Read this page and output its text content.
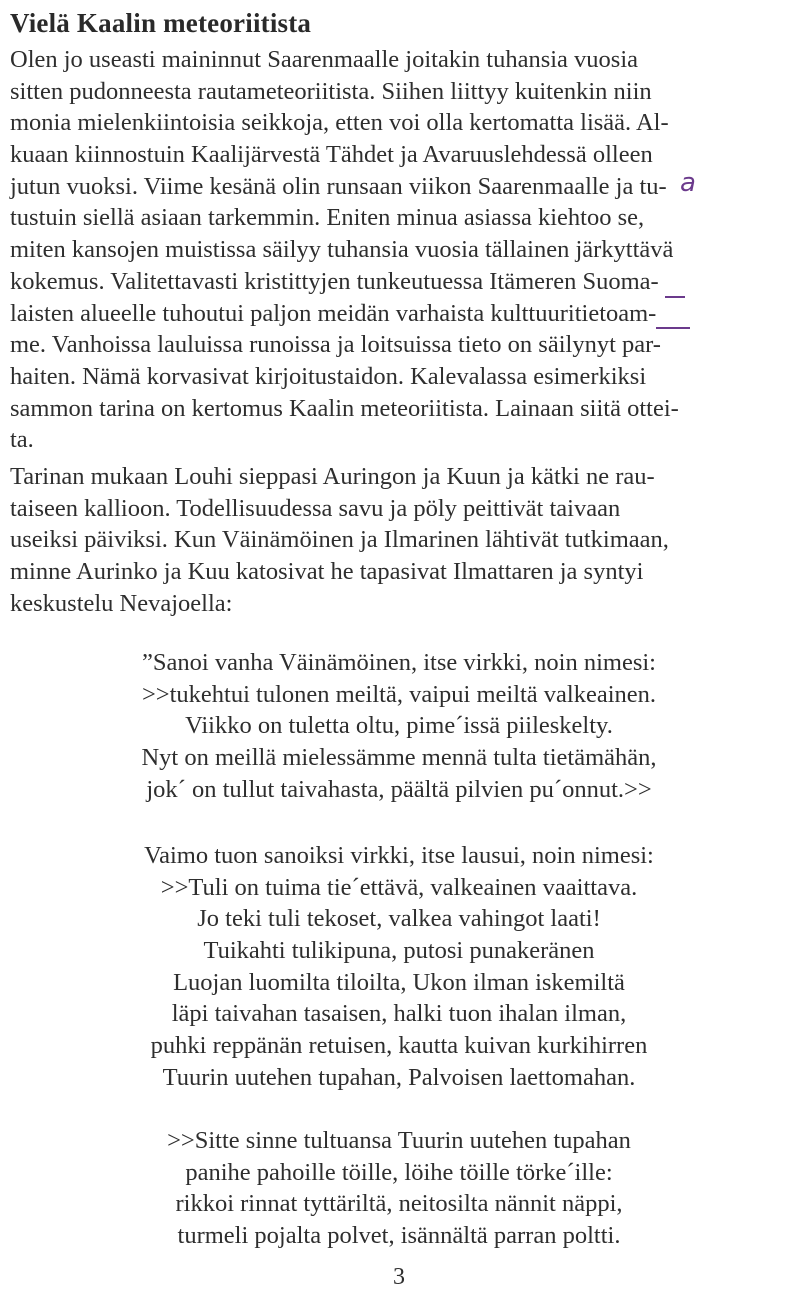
Vielä Kaalin meteoriitista
Olen jo useasti maininnut Saarenmaalle joitakin tuhansia vuosia
sitten pudonneesta rautameteoriitista. Siihen liittyy kuitenkin niin
monia mielenkiintoisia seikkoja, etten voi olla kertomatta lisää. Al-
kuaan kiinnostuin Kaalijärvestä Tähdet ja Avaruuslehdessä olleen
jutun vuoksi. Viime kesänä olin runsaan viikon Saarenmaalle ja tu-
tustuin siellä asiaan tarkemmin. Eniten minua asiassa kiehtoo se,
miten kansojen muistissa säilyy tuhansia vuosia tällainen järkyttävä
kokemus. Valitettavasti kristittyjen tunkeutuessa Itämeren Suoma-
laisten alueelle tuhoutui paljon meidän varhaista kulttuuritietoam-
me. Vanhoissa lauluissa runoissa ja loitsuissa tieto on säilynyt par-
haiten. Nämä korvasivat kirjoitustaidon. Kalevalassa esimerkiksi
sammon tarina on kertomus Kaalin meteoriitista. Lainaan siitä ottei-
ta.
a
Tarinan mukaan Louhi sieppasi Auringon ja Kuun ja kätki ne rau-
taiseen kallioon. Todellisuudessa savu ja pöly peittivät taivaan
useiksi päiviksi. Kun Väinämöinen ja Ilmarinen lähtivät tutkimaan,
minne Aurinko ja Kuu katosivat he tapasivat Ilmattaren ja syntyi
keskustelu Nevajoella:
”Sanoi vanha Väinämöinen, itse virkki, noin nimesi:
>>tukehtui tulonen meiltä, vaipui meiltä valkeainen.
Viikko on tuletta oltu, pime´issä piileskelty.
Nyt on meillä mielessämme mennä tulta tietämähän,
jok´ on tullut taivahasta, päältä pilvien pu´onnut.>>
Vaimo tuon sanoiksi virkki, itse lausui, noin nimesi:
>>Tuli on tuima tie´ettävä, valkeainen vaaittava.
Jo teki tuli tekoset, valkea vahingot laati!
Tuikahti tulikipuna, putosi punakeränen
Luojan luomilta tiloilta, Ukon ilman iskemiltä
läpi taivahan tasaisen, halki tuon ihalan ilman,
puhki reppänän retuisen, kautta kuivan kurkihirren
Tuurin uutehen tupahan, Palvoisen laettomahan.
>>Sitte sinne tultuansa Tuurin uutehen tupahan
panihe pahoille töille, löihe töille törke´ille:
rikkoi rinnat tyttäriltä, neitosilta nännit näppi,
turmeli pojalta polvet, isännältä parran poltti.
3
